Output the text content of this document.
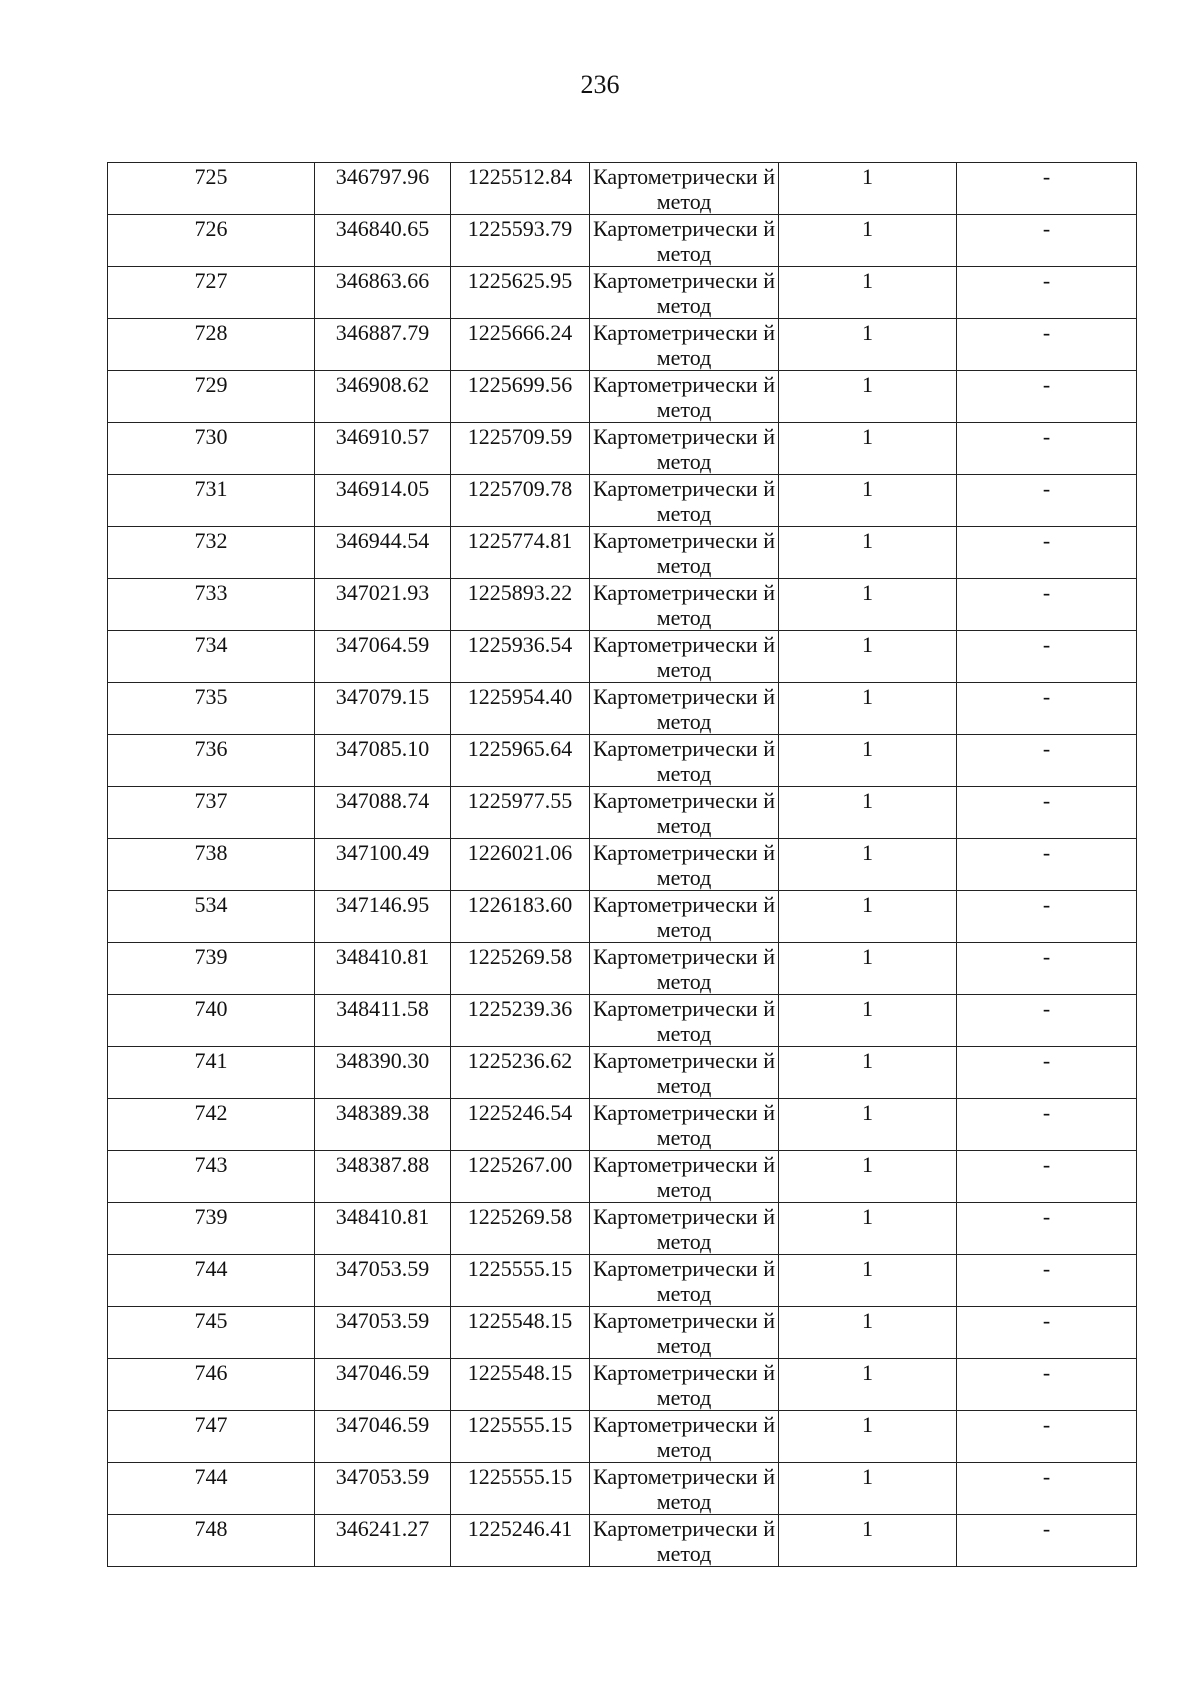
236
725	346797.96	1225512.84	Картометрически й метод	1	-

726	346840.65	1225593.79	Картометрически й метод	1	-

727	346863.66	1225625.95	Картометрически й метод	1	-

728	346887.79	1225666.24	Картометрически й метод	1	-

729	346908.62	1225699.56	Картометрически й метод	1	-

730	346910.57	1225709.59	Картометрически й метод	1	-

731	346914.05	1225709.78	Картометрически й метод	1	-

732	346944.54	1225774.81	Картометрически й метод	1	-

733	347021.93	1225893.22	Картометрически й метод	1	-

734	347064.59	1225936.54	Картометрически й метод	1	-

735	347079.15	1225954.40	Картометрически й метод	1	-

736	347085.10	1225965.64	Картометрически й метод	1	-

737	347088.74	1225977.55	Картометрически й метод	1	-

738	347100.49	1226021.06	Картометрически й метод	1	-

534	347146.95	1226183.60	Картометрически й метод	1	-

739	348410.81	1225269.58	Картометрически й метод	1	-

740	348411.58	1225239.36	Картометрически й метод	1	-

741	348390.30	1225236.62	Картометрически й метод	1	-

742	348389.38	1225246.54	Картометрически й метод	1	-

743	348387.88	1225267.00	Картометрически й метод	1	-

739	348410.81	1225269.58	Картометрически й метод	1	-

744	347053.59	1225555.15	Картометрически й метод	1	-

745	347053.59	1225548.15	Картометрически й метод	1	-

746	347046.59	1225548.15	Картометрически й метод	1	-

747	347046.59	1225555.15	Картометрически й метод	1	-

744	347053.59	1225555.15	Картометрически й метод	1	-

748	346241.27	1225246.41	Картометрически й метод	1	-
